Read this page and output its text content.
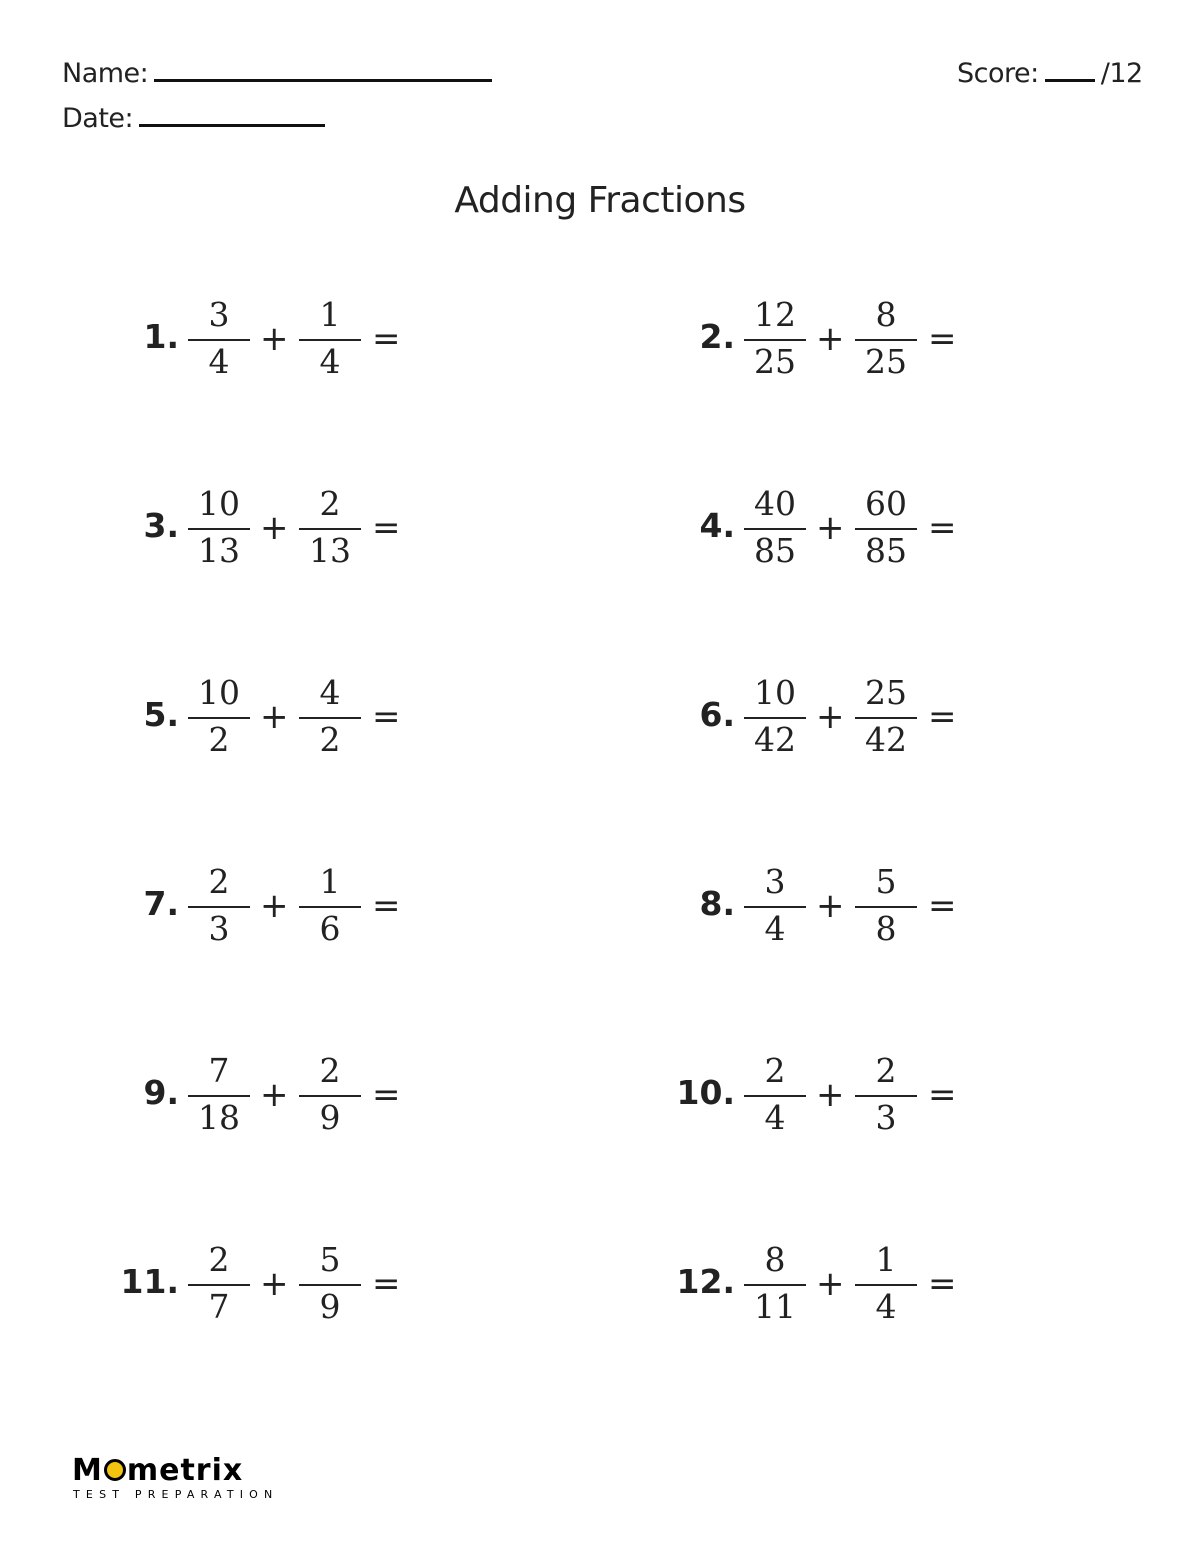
Name:
Date:
Score: /12
Adding Fractions
1.
3
4
+
1
4
=	2.
12
25
+
8
25
=
3.
10
13
+
2
13
=	4.
40
85
+
60
85
=
5.
10
2
+
4
2
=	6.
10
42
+
25
42
=
7.
2
3
+
1
6
=	8.
3
4
+
5
8
=
9.
7
18
+
2
9
=	10.
2
4
+
2
3
=
11.
2
7
+
5
9
=	12.
8
11
+
1
4
=
M metrix
TEST PREPARATION
